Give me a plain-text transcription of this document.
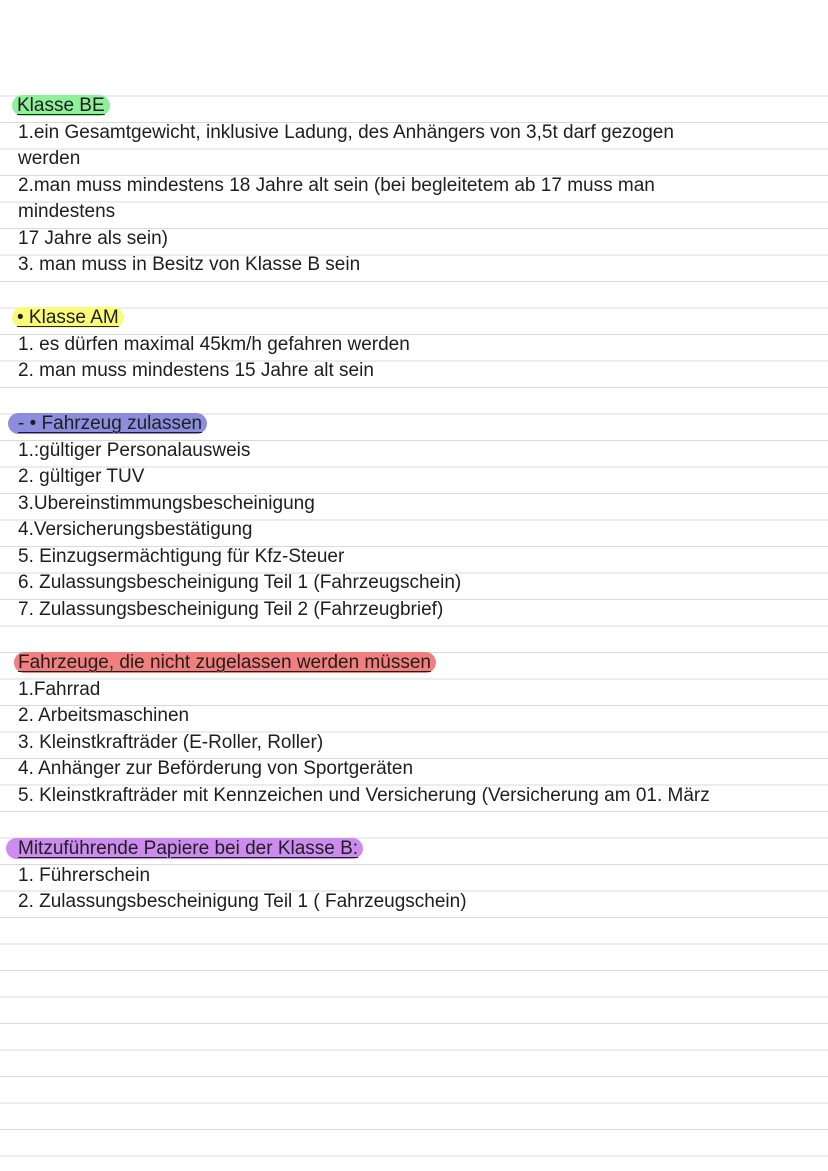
Klasse BE
1.ein Gesamtgewicht, inklusive Ladung, des Anhängers von 3,5t darf gezogen
werden
2.man muss mindestens 18 Jahre alt sein (bei begleitetem ab 17 muss man
mindestens
17 Jahre als sein)
3. man muss in Besitz von Klasse B sein
• Klasse AM
1. es dürfen maximal 45km/h gefahren werden
2. man muss mindestens 15 Jahre alt sein
- • Fahrzeug zulassen
1.:gültiger Personalausweis
2. gültiger TUV
3.Ubereinstimmungsbescheinigung
4.Versicherungsbestätigung
5. Einzugsermächtigung für Kfz-Steuer
6. Zulassungsbescheinigung Teil 1 (Fahrzeugschein)
7. Zulassungsbescheinigung Teil 2 (Fahrzeugbrief)
Fahrzeuge, die nicht zugelassen werden müssen
1.Fahrrad
2. Arbeitsmaschinen
3. Kleinstkrafträder (E-Roller, Roller)
4. Anhänger zur Beförderung von Sportgeräten
5. Kleinstkrafträder mit Kennzeichen und Versicherung (Versicherung am 01. März
Mitzuführende Papiere bei der Klasse B:
1. Führerschein
2. Zulassungsbescheinigung Teil 1 ( Fahrzeugschein)
